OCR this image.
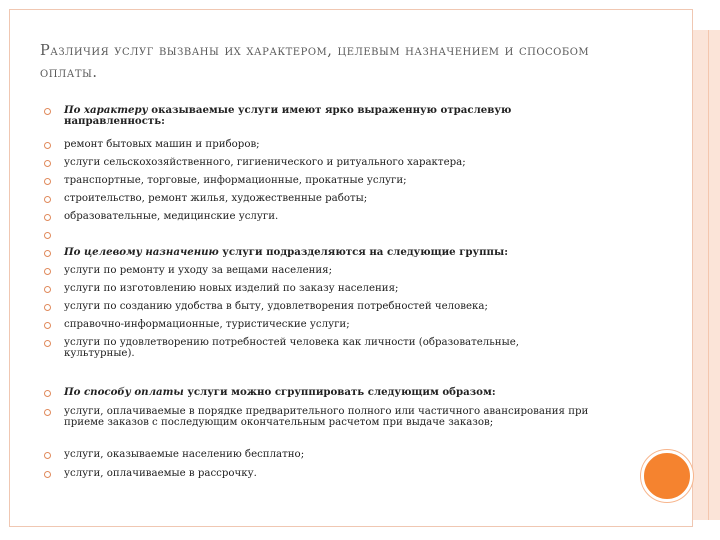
Различия услуг вызваны их характером, целевым назначением и способом оплаты.
По характеру оказываемые услуги имеют ярко выраженную отраслевую направленность:
ремонт бытовых машин и приборов;
услуги сельскохозяйственного, гигиенического и ритуального характера;
транспортные, торговые, информационные, прокатные услуги;
строительство, ремонт жилья, художественные работы;
образовательные, медицинские услуги.
По целевому назначению услуги подразделяются на следующие группы:
услуги по ремонту и уходу за вещами населения;
услуги по изготовлению новых изделий по заказу населения;
услуги по созданию удобства в быту, удовлетворения потребностей человека;
справочно-информационные, туристические услуги;
услуги по удовлетворению потребностей человека как личности (образовательные, культурные).
По способу оплаты услуги можно сгруппировать следующим образом:
услуги, оплачиваемые в порядке предварительного полного или частичного авансирования при приеме заказов с последующим окончательным расчетом при выдаче заказов;
услуги, оказываемые населению бесплатно;
услуги, оплачиваемые в рассрочку.
